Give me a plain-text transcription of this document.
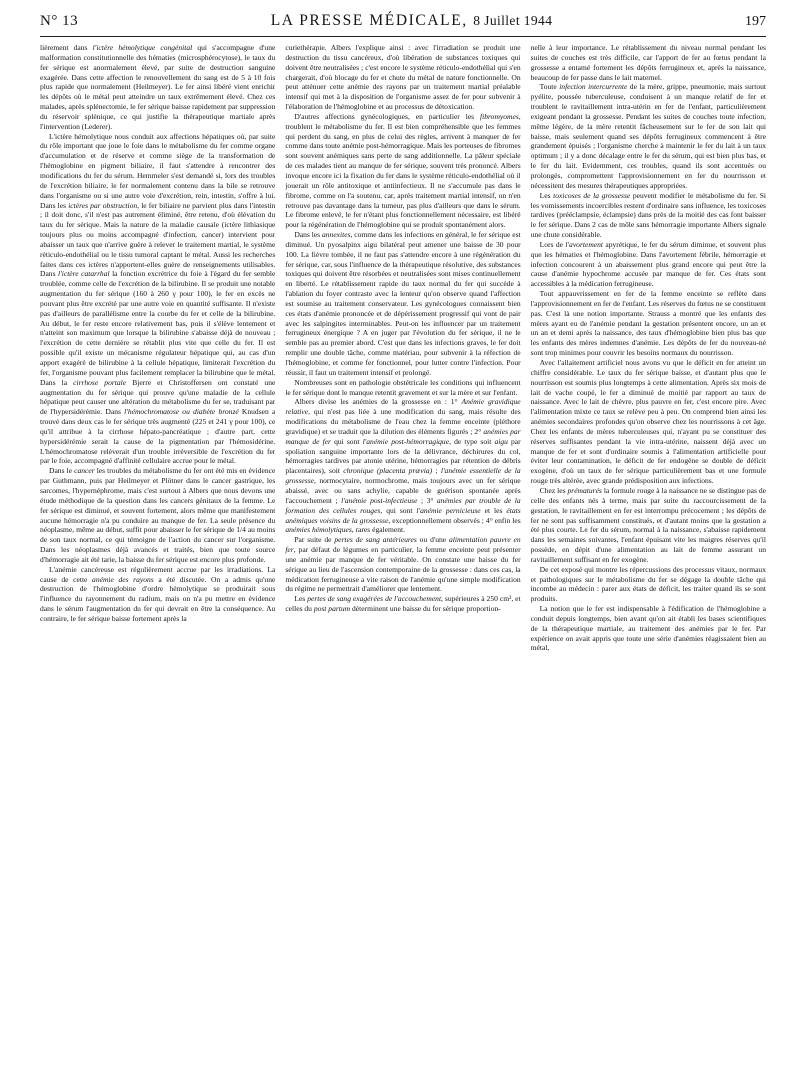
N° 13	LA PRESSE MÉDICALE, 8 Juillet 1944	197

lièrement dans l'ictère hémolytique congénital qui s'accompagne d'une malformation constitutionnelle des hématies (microsphérocytose), le taux du fer sérique est anormalement élevé, par suite de destruction sanguine exagérée. Dans cette affection le renouvellement du sang est de 5 à 10 fois plus rapide que normalement (Heilmeyer). Le fer ainsi libéré vient enrichir les dépôts où le métal peut atteindre un taux extrêmement élevé. Chez ces malades, après splénectomie, le fer sérique baisse rapidement par suppression du réservoir splénique, ce qui justifie la thérapeutique martiale après l'intervention (Lederer).

L'ictère hémolytique nous conduit aux affections hépatiques où, par suite du rôle important que joue le foie dans le métabolisme du fer comme organe d'accumulation et de réserve et comme siège de la transformation de l'hémoglobine en pigment biliaire, il faut s'attendre à rencontrer des modifications du fer du sérum. Hemmeler s'est demandé si, lors des troubles de l'excrétion biliaire, le fer normalement contenu dans la bile se retrouve dans l'organisme ou si une autre voie d'excrétion, rein, intestin, s'offre à lui. Dans les ictères par obstruction, le fer biliaire ne parvient plus dans l'intestin ; il doit donc, s'il n'est pas autrement éliminé, être retenu, d'où élévation du taux du fer sérique. Mais la nature de la maladie causale (ictère lithiasique toujours plus ou moins accompagné d'infection, cancer) intervient pour abaisser un taux que n'arrive guère à relever le traitement martial, le système réticulo-endothélial ou le tissu tumoral captant le métal. Aussi les recherches faites dans ces ictères n'apportent-elles guère de renseignements utilisables. Dans l'ictère catarrhal la fonction excrétrice du foie à l'égard du fer semble troublée, comme celle de l'excrétion de la bilirubine. Il se produit une notable augmentation du fer sérique (160 à 260 γ pour 100), le fer en excès ne pouvant plus être excrété par une autre voie en quantité suffisante. Il n'existe pas d'ailleurs de parallélisme entre la courbe du fer et celle de la bilirubine. Au début, le fer reste encore relativement bas, puis il s'élève lentement et n'atteint son maximum que lorsque la bilirubine s'abaisse déjà de nouveau ; l'excrétion de cette dernière se rétablit plus vite que celle du fer. Il est possible qu'il existe un mécanisme régulateur hépatique qui, au cas d'un apport exagéré de bilirubine à la cellule hépatique, limiterait l'excrétion du fer, l'organisme pouvant plus facilement remplacer la bilirubine que le métal. Dans la cirrhose portale Bjerre et Christoffersen ont constaté une augmentation du fer sérique qui prouve qu'une maladie de la cellule hépatique peut causer une altération du métabolisme du fer se, traduisant par de l'hypersidérémie. Dans l'hémochromatose ou diabète bronzé Knudsen a trouvé dans deux cas le fer sérique très augmenté (225 et 241 γ pour 100), ce qu'il attribue à la cirrhose hépato-pancréatique ; d'autre part, cette hypersidérémie serait la cause de la pigmentation par l'hémosidérine. L'hémochromatose relèverait d'un trouble irréversible de l'excrétion du fer par le foie, accompagné d'affinité cellulaire accrue pour le métal.

Dans le cancer les troubles du métabolisme du fer ont été mis en évidence par Guthmann, puis par Heilmeyer et Plötner dans le cancer gastrique, les sarcomes, l'hypernéphrome, mais c'est surtout à Albers que nous devons une étude méthodique de la question dans les cancers génitaux de la femme. Le fer sérique est diminué, et souvent fortement, alors même que manifestement aucune hémorragie n'a pu conduire au manque de fer. La seule présence du néoplasme, même au début, suffit pour abaisser le fer sérique de 1/4 au moins de son taux normal, ce qui témoigne de l'action du cancer sur l'organisme. Dans les néoplasmes déjà avancés et traités, bien que toute source d'hémorragie ait été tarie, la baisse du fer sérique est encore plus profonde.

L'anémie cancéreuse est régulièrement accrue par les irradiations. La cause de cette anémie des rayons a été discutée. On a admis qu'une destruction de l'hémoglobine d'ordre hémolytique se produirait sous l'influence du rayonnement du radium, mais on n'a pu mettre en évidence dans le sérum l'augmentation du fer qui devrait en être la conséquence. Au contraire, le fer sérique baisse fortement après la

curiethérapie. Albers l'explique ainsi : avec l'irradiation se produit une destruction du tissu cancéreux, d'où libération de substances toxiques qui doivent être neutralisées ; c'est encore le système réticulo-endothélial qui s'en chargerait, d'où blocage du fer et chute du métal de nature fonctionnelle. On peut atténuer cette anémie des rayons par un traitement martial préalable intensif qui met à la disposition de l'organisme assez de fer pour subvenir à l'élaboration de l'hémoglobine et au processus de détoxication.

D'autres affections gynécologiques, en particulier les fibromyomes, troublent le métabolisme du fer. Il est bien compréhensible que les femmes qui perdent du sang, en plus de celui des règles, arrivent à manquer de fer comme dans toute anémie post-hémorragique. Mais les porteuses de fibromes sont souvent anémiques sans perte de sang additionnelle. La pâleur spéciale de ces malades tient au manque de fer sérique, souvent très prononcé. Albers invoque encore ici la fixation du fer dans le système réticulo-endothélial où il jouerait un rôle antitoxique et antiinfectieux. Il ne s'accumule pas dans le fibrome, comme on l'a soutenu, car, après traitement martial intensif, on n'en retrouve pas davantage dans la tumeur, pas plus d'ailleurs que dans le sérum. Le fibrome enlevé, le fer n'étant plus fonctionnellement nécessaire, est libéré pour la régénération de l'hémoglobine qui se produit spontanément alors.

Dans les annexites, comme dans les infections en général, le fer sérique est diminué. Un pyosalpinx aigu bilatéral peut amener une baisse de 30 pour 100. La fièvre tombée, il ne faut pas s'attendre encore à une régénération du fer sérique, car, sous l'influence de la thérapeutique résolutive, des substances toxiques qui doivent être résorbées et neutralisées sont mises continuellement en liberté. Le rétablissement rapide du taux normal du fer qui succède à l'ablation du foyer contraste avec la lenteur qu'on observe quand l'affection est soumise au traitement conservateur. Les gynécologues connaissent bien ces états d'anémie prononcée et de dépérissement progressif qui vont de pair avec les salpingites interminables. Peut-on les influencer par un traitement ferrugineux énergique ? A en juger par l'évolution du fer sérique, il ne le semble pas au premier abord. C'est que dans les infections graves, le fer doit remplir une double tâche, comme matériau, pour subvenir à la réfection de l'hémoglobine, et comme fer fonctionnel, pour lutter contre l'infection. Pour réussir, il faut un traitement intensif et prolongé.

Nombreuses sont en pathologie obstétricale les conditions qui influencent le fer sérique dont le manque retentit gravement et sur la mère et sur l'enfant.

Albers divise les anémies de la grossesse en : 1° Anémie gravidique relative, qui n'est pas liée à une modification du sang, mais résulte des modifications du métabolisme de l'eau chez la femme enceinte (pléthore gravidique) et se traduit que la dilution des éléments figurés ; 2° anémies par manque de fer qui sont l'anémie post-hémorragique, de type soit aigu par spoliation sanguine importante lors de la délivrance, déchirures du col, hémorragies tardives par atonie utérine, hémorragies par rétention de débris placentaires), soit chronique (placenta prævia) ; l'anémie essentielle de la grossesse, normocytaire, normochrome, mais toujours avec un fer sérique abaissé, avec ou sans achylie, capable de guérison spontanée après l'accouchement ; l'anémie post-infectieuse ; 3° anémies par trouble de la formation des cellules rouges, qui sont l'anémie pernicieuse et les états anémiques voisins de la grossesse, exceptionnellement observés ; 4° enfin les anémies hémolytiques, rares également.

Par suite de pertes de sang antérieures ou d'une alimentation pauvre en fer, par défaut de légumes en particulier, la femme enceinte peut présenter une anémie par manque de fer véritable. On constate une baisse du fer sérique au lieu de l'ascension contemporaine de la grossesse : dans ces cas, la médication ferrugineuse a vite raison de l'anémie qu'une simple modification du régime ne permettrait d'améliorer que lentement.

Les pertes de sang exagérées de l'accouchement, supérieures à 250 cm³, et celles du post partum déterminent une baisse du fer sérique proportion-

nelle à leur importance. Le rétablissement du niveau normal pendant les suites de couches est très difficile, car l'apport de fer au fœtus pendant la grossesse a entamé fortement les dépôts ferrugineux et, après la naissance, beaucoup de fer passe dans le lait maternel.

Toute infection intercurrente de la mère, grippe, pneumonie, mais surtout pyélite, poussée tuberculeuse, conduisent à un manque relatif de fer et troublent le ravitaillement intra-utérin en fer de l'enfant, particulièrement exigeant pendant la grossesse. Pendant les suites de couches toute infection, même légère, de la mère retentit fâcheusement sur le fer de son lait qui baisse, mais seulement quand ses dépôts ferrugineux commencent à être grandement épuisés ; l'organisme cherche à maintenir le fer du lait à un taux optimum ; il y a donc décalage entre le fer du sérum, qui est bien plus bas, et le fer du lait. Evidemment, ces troubles, quand ils sont accentués ou prolongés, compromettent l'approvisionnement en fer du nourrisson et nécessitent des mesures thérapeutiques appropriées.

Les toxicoses de la grossesse peuvent modifier le métabolisme du fer. Si les vomissements incoercibles restent d'ordinaire sans influence, les toxicoses tardives (prééclampsie, éclampsie) dans près de la moitié des cas font baisser le fer sérique. Dans 2 cas de môle sans hémorragie importante Albers signale une chute considérable.

Lors de l'avortement apyrétique, le fer du sérum diminue, et souvent plus que les hématies et l'hémoglobine. Dans l'avortement fébrile, hémorragie et infection concourent à un abaissement plus grand encore qui peut être la cause d'anémie hypochrome accusée par manque de fer. Ces états sont accessibles à la médication ferrugineuse.

Tout appauvrissement en fer de la femme enceinte se reflète dans l'approvisionnement en fer de l'enfant. Les réserves du fœtus ne se constituent pas. C'est là une notion importante. Strauss a montré que les enfants des mères ayant eu de l'anémie pendant la gestation présentent encore, un an et un an et demi après la naissance, des taux d'hémoglobine bien plus bas que les enfants des mères indemnes d'anémie. Les dépôts de fer du nouveau-né sont trop minimes pour couvrir les besoins normaux du nourrisson.

Avec l'allaitement artificiel nous avons vu que le déficit en fer atteint un chiffre considérable. Le taux du fer sérique baisse, et d'autant plus que le nourrisson est soumis plus longtemps à cette alimentation. Après six mois de lait de vache coupé, le fer a diminué de moitié par rapport au taux de naissance. Avec le lait de chèvre, plus pauvre en fer, c'est encore pire. Avec l'alimentation mixte ce taux se relève peu à peu. On comprend bien ainsi les anémies secondaires profondes qu'on observe chez les nourrissons à cet âge. Chez les enfants de mères tuberculeuses qui, n'ayant pu se constituer des réserves suffisantes pendant la vie intra-utérine, naissent déjà avec un manque de fer et sont d'ordinaire soumis à l'alimentation artificielle pour éviter leur contamination, le déficit de fer endogène se double de déficit exogène, d'où un taux de fer sérique particulièrement bas et une formule rouge très altérée, avec grande prédisposition aux infections.

Chez les prématurés la formule rouge à la naissance ne se distingue pas de celle des enfants nés à terme, mais par suite du raccourcissement de la gestation, le ravitaillement en fer est interrompu précocement ; les dépôts de fer ne sont pas suffisamment constitués, et d'autant moins que la gestation a été plus courte. Le fer du sérum, normal à la naissance, s'abaisse rapidement dans les semaines suivantes, l'enfant épuisant vite les maigres réserves qu'il possède, en dépit d'une alimentation au lait de femme assurant un ravitaillement suffisant en fer exogène.

De cet exposé qui montre les répercussions des processus vitaux, normaux et pathologiques sur le métabolisme du fer se dégage la double tâche qui incombe au médecin : parer aux états de déficit, les traiter quand ils se sont produits.

La notion que le fer est indispensable à l'édification de l'hémoglobine a conduit depuis longtemps, bien avant qu'on ait établi les bases scientifiques de la thérapeutique martiale, au traitement des anémies par le fer. Par expérience on avait appris que toute une série d'anémies réagissaient bien au métal,
